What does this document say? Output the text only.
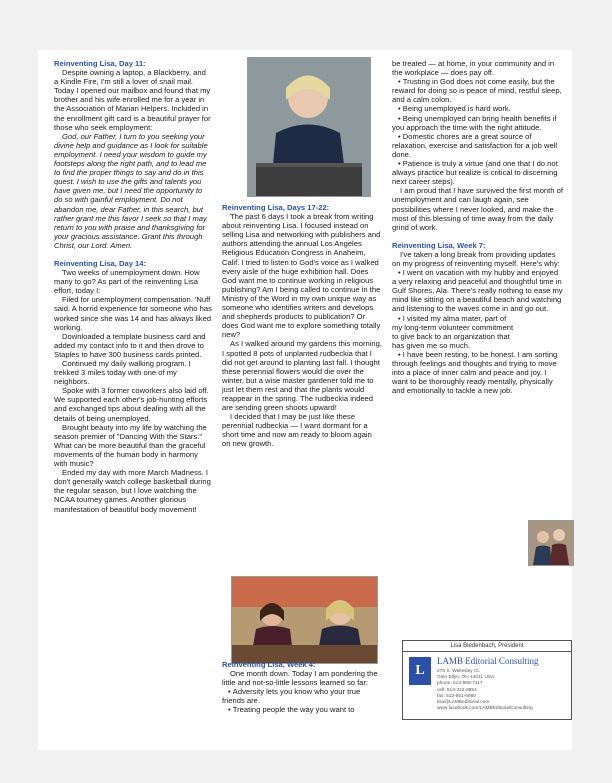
Reinventing Lisa, Day 11:

Despite owning a laptop, a Blackberry, and a Kindle Fire, I'm still a lover of snail mail. Today I opened our mailbox and found that my brother and his wife enrolled me for a year in the Association of Marian Helpers. Included in the enrollment gift card is a beautiful prayer for those who seek employment:

God, our Father, I turn to you seeking your divine help and guidance as I look for suitable employment. I need your wisdom to guide my footsteps along the right path, and to lead me to find the proper things to say and do in this quest. I wish to use the gifts and talents you have given me, but I need the opportunity to do so with gainful employment. Do not abandon me, dear Father, in this search, but rather grant me this favor I seek so that I may return to you with praise and thanksgiving for your gracious assistance. Grant this through Christ, our Lord. Amen.

Reinventing Lisa, Day 14:

Two weeks of unemployment down. How many to go? As part of the reinventing Lisa effort, today I:

Filed for unemployment compensation. 'Nuff said. A horrid experience for someone who has worked since she was 14 and has always liked working.

Downloaded a template business card and added my contact info to it and then drove to Staples to have 300 business cards printed.

Continued my daily walking program. I trekked 3 miles today with one of my neighbors.

Spoke with 3 former coworkers also laid off. We supported each other's job-hunting efforts and exchanged tips about dealing with all the details of being unemployed.

Brought beauty into my life by watching the season premier of "Dancing With the Stars." What can be more beautiful than the graceful movements of the human body in harmony with music?

Ended my day with more March Madness. I don't generally watch college basketball during the regular season, but I love watching the NCAA tourney games. Another glorious manifestation of beautiful body movement!

Reinventing Lisa, Days 17-22:

The past 6 days I took a break from writing about reinventing Lisa. I focused instead on selling Lisa and networking with publishers and authors attending the annual Los Angeles Religious Education Congress in Anaheim, Calif. I tried to listen to God's voice as I walked every aisle of the huge exhibition hall. Does God want me to continue working in religious publishing? Am I being called to continue in the Ministry of the Word in my own unique way as someone who identifies writers and develops and shepherds products to publication? Or does God want me to explore something totally new?

As I walked around my gardens this morning, I spotted 8 pots of unplanted rudbeckia that I did not get around to planting last fall. I thought these perennial flowers would die over the winter, but a wise master gardener told me to just let them rest and that the plants would reappear in the spring. The rudbeckia indeed are sending green shoots upward!

I decided that I may be just like these perennial rudbeckia — I want dormant for a short time and now am ready to bloom again on new growth.

Reinventing Lisa, Week 4:

One month down. Today I am pondering the little and not-so-little lessons learned so far:

• Adversity lets you know who your true friends are.

• Treating people the way you want to

be treated — at home, in your community and in the workplace — does pay off.

• Trusting in God does not come easily, but the reward for doing so is peace of mind, restful sleep, and a calm colon.

• Being unemployed is hard work.

• Being unemployed can bring health benefits if you approach the time with the right attitude.

• Domestic chores are a great source of relaxation, exercise and satisfaction for a job well done.

• Patience is truly a virtue (and one that I do not always practice but realize is critical to discerning next career steps).

I am proud that I have survived the first month of unemployment and can laugh again, see possibilities where I never looked, and make the most of this blessing of time away from the daily grind of work.

Reinventing Lisa, Week 7:

I've taken a long break from providing updates on my progress of reinventing myself. Here's why:

• I went on vacation with my hubby and enjoyed a very relaxing and peaceful and thoughtful time in Gulf Shores, Ala. There's really nothing to ease my mind like sitting on a beautiful beach and watching and listening to the waves come in and go out.

• I visited my alma mater, part of my long-term volunteer commitment to give back to an organization that has given me so much.

• I have been resting, to be honest. I am sorting through feelings and thoughts and trying to move into a place of inner calm and peace and joy. I want to be thoroughly ready mentally, physically and emotionally to tackle a new job.

Lisa Biedenbach, President
L
LAMB Editorial Consulting
275 S. Wellesley Ct.
Glen Ellyn, OH 44011 USA
phone: 513-888-7117
cell: 513-312-8854
fax: 513-851-6950
lisa@LAMBeditorial.com
www.facebook.com/LAMBEditorialConsulting
